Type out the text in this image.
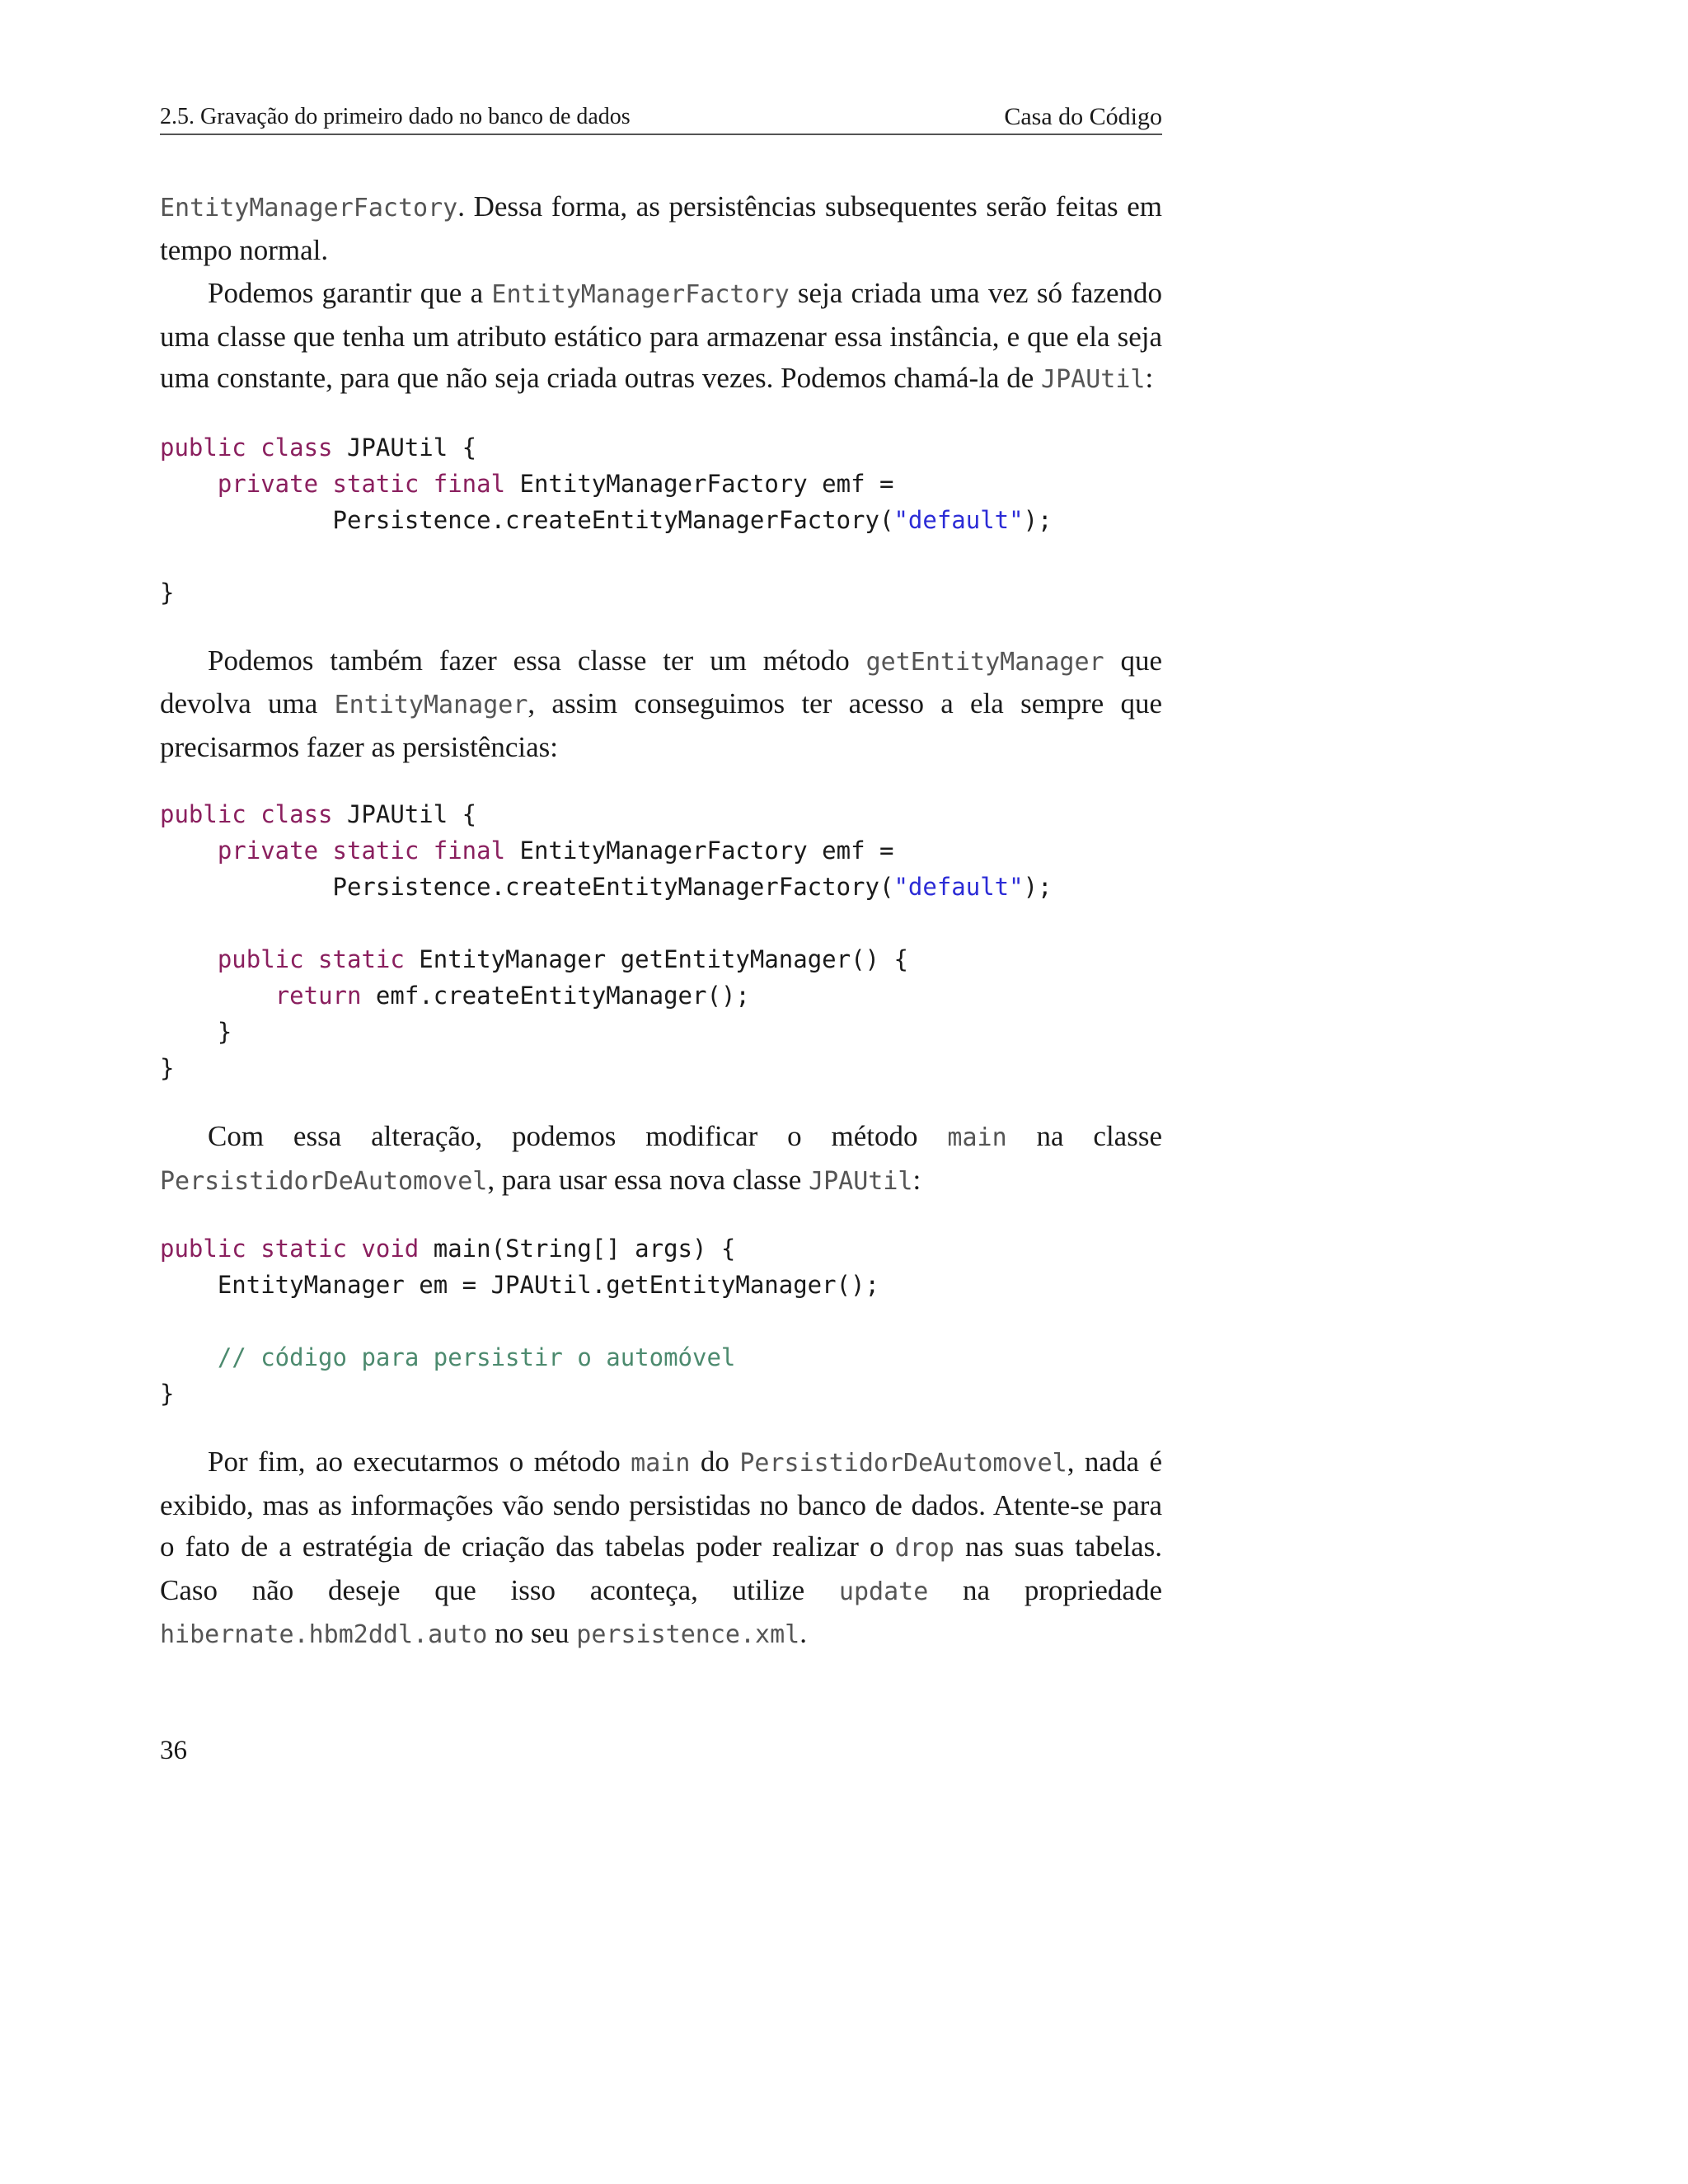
2.5. Gravação do primeiro dado no banco de dados	Casa do Código

EntityManagerFactory. Dessa forma, as persistências subsequentes serão feitas em tempo normal.

Podemos garantir que a EntityManagerFactory seja criada uma vez só fazendo uma classe que tenha um atributo estático para armazenar essa instância, e que ela seja uma constante, para que não seja criada outras vezes. Podemos chamá-la de JPAUtil:

public class JPAUtil {
private static final EntityManagerFactory emf =
Persistence.createEntityManagerFactory("default");

}

Podemos também fazer essa classe ter um método getEntityManager que devolva uma EntityManager, assim conseguimos ter acesso a ela sempre que precisarmos fazer as persistências:

public class JPAUtil {
private static final EntityManagerFactory emf =
Persistence.createEntityManagerFactory("default");

public static EntityManager getEntityManager() {
return emf.createEntityManager();
}
}

Com essa alteração, podemos modificar o método main na classe PersistidorDeAutomovel, para usar essa nova classe JPAUtil:

public static void main(String[] args) {
EntityManager em = JPAUtil.getEntityManager();

// código para persistir o automóvel
}

Por fim, ao executarmos o método main do PersistidorDeAutomovel, nada é exibido, mas as informações vão sendo persistidas no banco de dados. Atente-se para o fato de a estratégia de criação das tabelas poder realizar o drop nas suas tabelas. Caso não deseje que isso aconteça, utilize update na propriedade hibernate.hbm2ddl.auto no seu persistence.xml.

36
